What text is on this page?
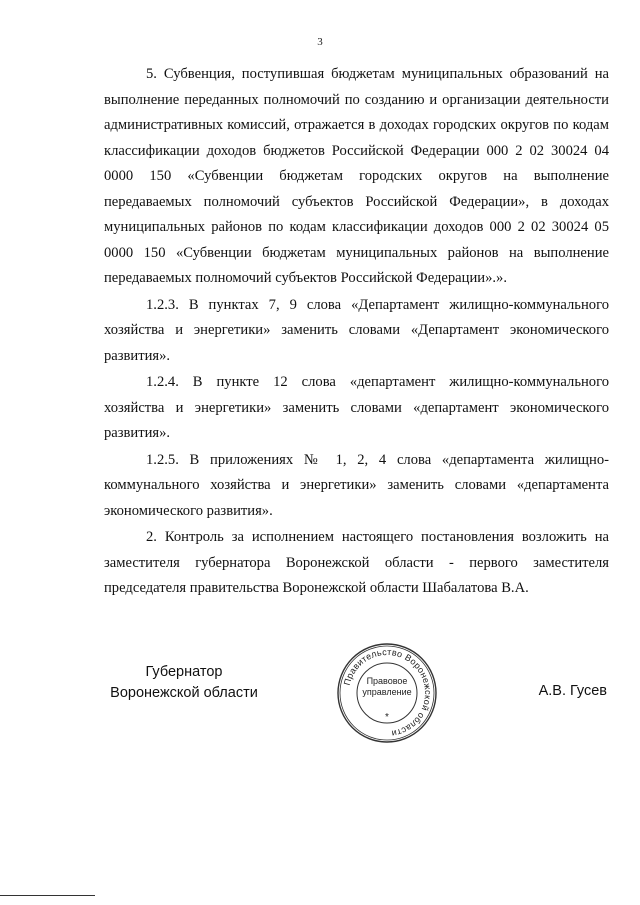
3

5. Субвенция, поступившая бюджетам муниципальных образований на выполнение переданных полномочий по созданию и организации деятельности административных комиссий, отражается в доходах городских округов по кодам классификации доходов бюджетов Российской Федерации 000 2 02 30024 04 0000 150 «Субвенции бюджетам городских округов на выполнение передаваемых полномочий субъектов Российской Федерации», в доходах муниципальных районов по кодам классификации доходов 000 2 02 30024 05 0000 150 «Субвенции бюджетам муниципальных районов на выполнение передаваемых полномочий субъектов Российской Федерации».».

1.2.3. В пунктах 7, 9 слова «Департамент жилищно-коммунального хозяйства и энергетики» заменить словами «Департамент экономического развития».

1.2.4. В пункте 12 слова «департамент жилищно-коммунального хозяйства и энергетики» заменить словами «департамент экономического развития».

1.2.5. В приложениях № 1, 2, 4 слова «департамента жилищно-коммунального хозяйства и энергетики» заменить словами «департамента экономического развития».

2. Контроль за исполнением настоящего постановления возложить на заместителя губернатора Воронежской области - первого заместителя председателя правительства Воронежской области Шабалатова В.А.

Губернатор
Воронежской области
Правительство Воронежской области
Правовое
управление
*
А.В. Гусев
